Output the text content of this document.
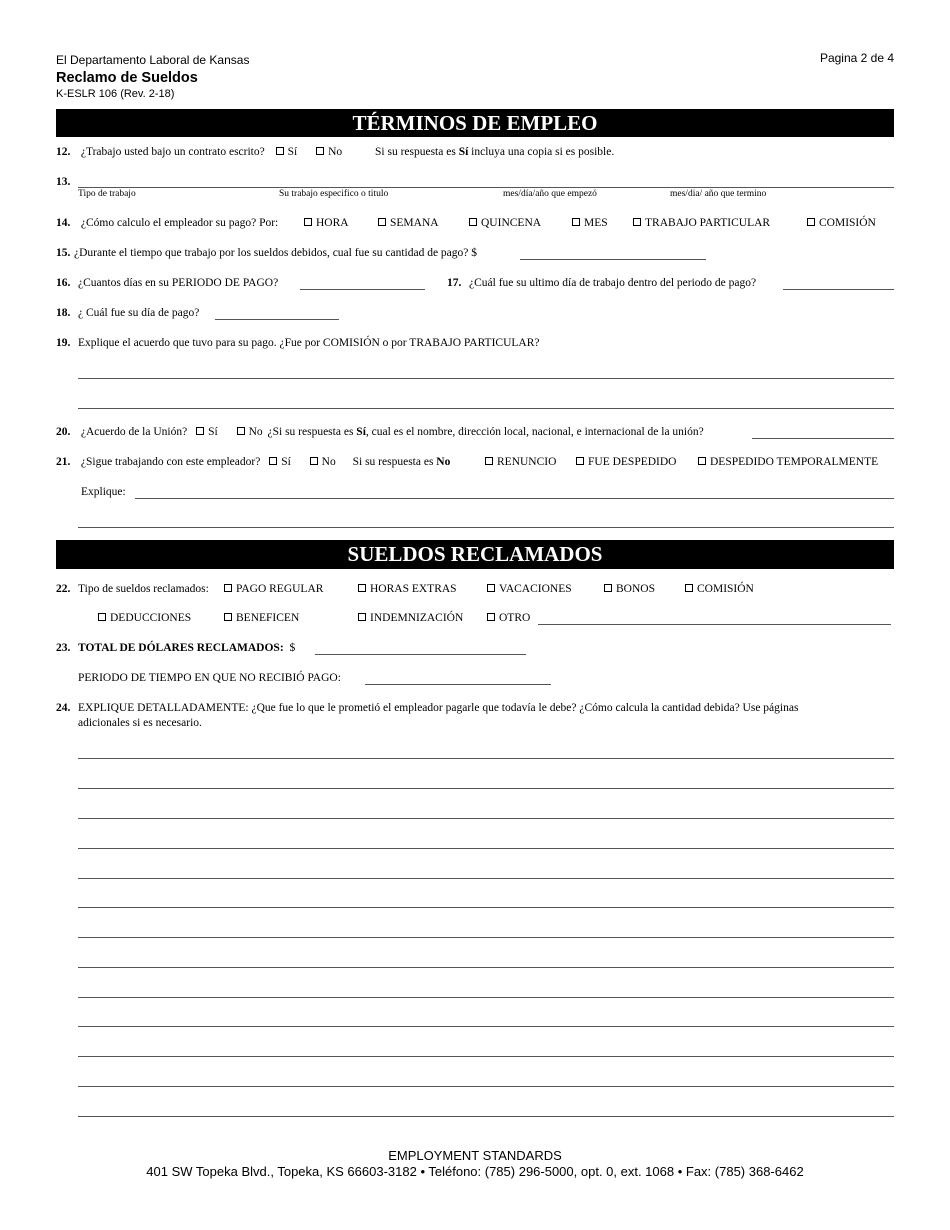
El Departamento Laboral de Kansas
Reclamo de Sueldos
K-ESLR 106 (Rev. 2-18)
Pagina 2 de 4
TÉRMINOS DE EMPLEO
12. ¿Trabajo usted bajo un contrato escrito? Sí	No	Si su respuesta es Sí incluya una copia si es posible.
13.
Tipo de trabajo	Su trabajo especifico o titulo	mes/día/año que empezó	mes/dia/ año que termino
14. ¿Cómo calculo el empleador su pago? Por:	HORA	SEMANA	QUINCENA	MES	TRABAJO PARTICULAR	COMISIÓN
15. ¿Durante el tiempo que trabajo por los sueldos debidos, cual fue su cantidad de pago? $
16. ¿Cuantos días en su PERIODO DE PAGO?	17. ¿Cuál fue su ultimo día de trabajo dentro del periodo de pago?
18. ¿ Cuál fue su día de pago?
19. Explique el acuerdo que tuvo para su pago. ¿Fue por COMISIÓN o por TRABAJO PARTICULAR?
20. ¿Acuerdo de la Unión? Sí	No ¿Si su respuesta es Sí, cual es el nombre, dirección local, nacional, e internacional de la unión?
21. ¿Sigue trabajando con este empleador? Sí	No Si su respuesta es No	RENUNCIO	FUE DESPEDIDO	DESPEDIDO TEMPORALMENTE
Explique:
SUELDOS RECLAMADOS
22. Tipo de sueldos reclamados:	PAGO REGULAR	HORAS EXTRAS	VACACIONES	BONOS	COMISIÓN
DEDUCCIONES	BENEFICEN	INDEMNIZACIÓN	OTRO
23. TOTAL DE DÓLARES RECLAMADOS: $
PERIODO DE TIEMPO EN QUE NO RECIBIÓ PAGO:
24. EXPLIQUE DETALLADAMENTE: ¿Que fue lo que le prometió el empleador pagarle que todavía le debe? ¿Cómo calcula la cantidad debida? Use páginas
adicionales si es necesario.
EMPLOYMENT STANDARDS
401 SW Topeka Blvd., Topeka, KS 66603-3182 • Teléfono: (785) 296-5000, opt. 0, ext. 1068 • Fax: (785) 368-6462
